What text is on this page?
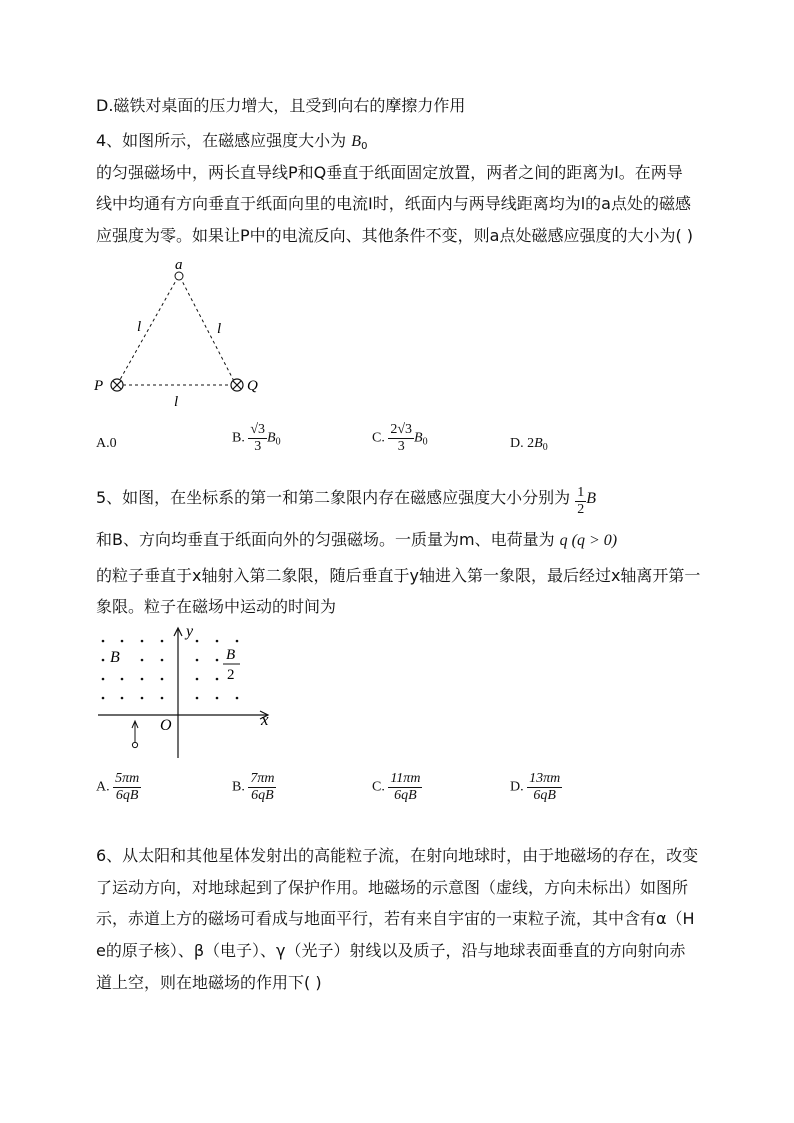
D.磁铁对桌面的压力增大，且受到向右的摩擦力作用
4、如图所示，在磁感应强度大小为 $B_0$
的匀强磁场中，两长直导线P和Q垂直于纸面固定放置，两者之间的距离为l。在两导
线中均通有方向垂直于纸面向里的电流I时，纸面内与两导线距离均为l的a点处的磁感
应强度为零。如果让P中的电流反向、其他条件不变，则a点处磁感应强度的大小为( )
a
l	l
l
P	Q
A.0	B. $\frac{√3}{3} B_0$	C. $\frac{2√3}{3} B_0$	D. $2B_0$
5、如图，在坐标系的第一和第二象限内存在磁感应强度大小分别为 $\frac{1}{2}$ B
和B、方向均垂直于纸面向外的匀强磁场。一质量为m、电荷量为 q (q > 0)
的粒子垂直于x轴射入第二象限，随后垂直于y轴进入第一象限，最后经过x轴离开第一
象限。粒子在磁场中运动的时间为
y
x
O
B	B
2
A. $\frac{5\pi m}{6qB}$	B. $\frac{7\pi m}{6qB}$	C. $\frac{11\pi m}{6qB}$	D. $\frac{13\pi m}{6qB}$
6、从太阳和其他星体发射出的高能粒子流，在射向地球时，由于地磁场的存在，改变
了运动方向，对地球起到了保护作用。地磁场的示意图（虚线，方向未标出）如图所
示，赤道上方的磁场可看成与地面平行，若有来自宇宙的一束粒子流，其中含有α（H
e的原子核）、β（电子）、γ（光子）射线以及质子，沿与地球表面垂直的方向射向赤
道上空，则在地磁场的作用下( )
